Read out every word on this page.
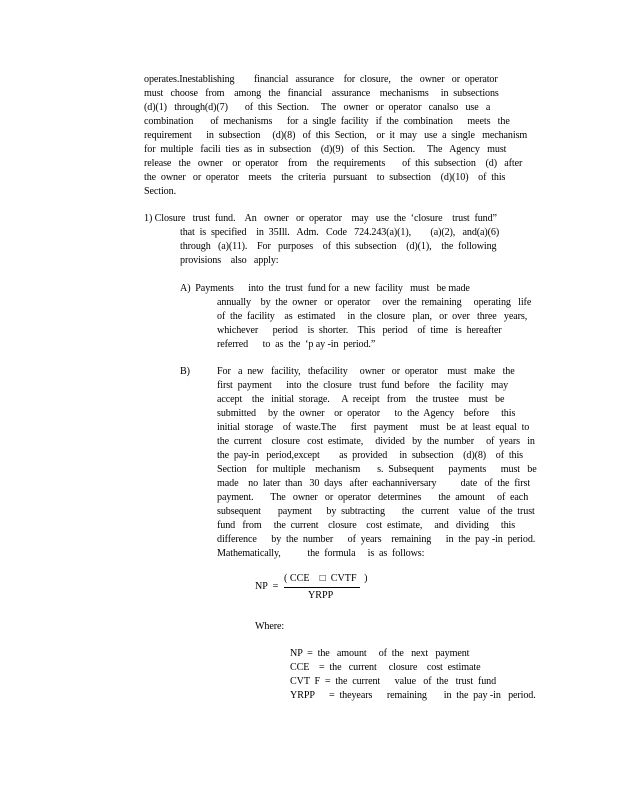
operates.Inestablishing        financial   assurance    for  closure,    the   owner   or  operator
must   choose   from    among   the   financial    assurance    mechanisms     in  subsections
(d)(1)   through(d)(7)       of  this  Section.     The   owner   or  operator   canalso   use   a
combination       of  mechanisms      for  a  single  facility   if  the  combination      meets   the
requirement      in  subsection     (d)(8)   of  this  Section,    or  it  may   use  a  single   mechanism
for  multiple   facili  ties  as  in  subsection    (d)(9)   of  this  Section.     The   Agency   must
release   the   owner    or  operator    from    the  requirements       of  this  subsection    (d)   after
the  owner   or  operator    meets    the  criteria   pursuant    to  subsection    (d)(10)    of  this
Section.
1) Closure   trust  fund.    An   owner   or  operator    may   use  the  ‘closure    trust  fund”
that  is  specified    in  35Ill.   Adm.   Code   724.243(a)(1),        (a)(2),   and(a)(6)
through   (a)(11).    For   purposes    of  this  subsection    (d)(1),    the  following
provisions    also   apply:
A)  Payments      into  the  trust  fund for  a  new  facility   must   be made
annually    by  the  owner   or  operator     over  the  remaining     operating   life
of  the  facility    as  estimated     in  the  closure   plan,   or  over   three   years,
whichever      period    is  shorter.    This   period    of  time   is  hereafter
referred      to  as  the  ‘p ay -in  period.”
B)	For   a  new   facility,   thefacility     owner   or  operator    must   make   the
first  payment      into  the  closure   trust  fund  before    the  facility   may
accept    the   initial  storage.     A  receipt   from    the  trustee    must   be
submitted     by  the  owner    or  operator      to  the  Agency    before     this
initial  storage    of  waste.The      first   payment     must   be  at  least  equal  to
the  current    closure   cost  estimate,     divided   by  the  number     of  years   in
the  pay-in   period,except        as  provided     in  subsection    (d)(8)    of  this
Section    for  multiple    mechanism       s.  Subsequent      payments      must   be
made    no  later  than   30  days   after  eachanniversary          date   of  the  first
payment.       The   owner   or  operator   determines       the  amount     of  each
subsequent       payment      by  subtracting       the   current    value   of  the  trust
fund   from     the  current    closure    cost  estimate,     and   dividing     this
difference      by  the  number      of  years    remaining      in  the  pay -in  period.
Mathematically,           the  formula     is  as  follows:
NP  =
( CCE    □  CVTF   )
YRPP
Where:
NP  =  the   amount     of  the   next   payment
CCE    =  the   current     closure    cost  estimate
CVT  F  =  the  current      value   of  the   trust  fund
YRPP      =  theyears      remaining       in  the  pay -in   period.
